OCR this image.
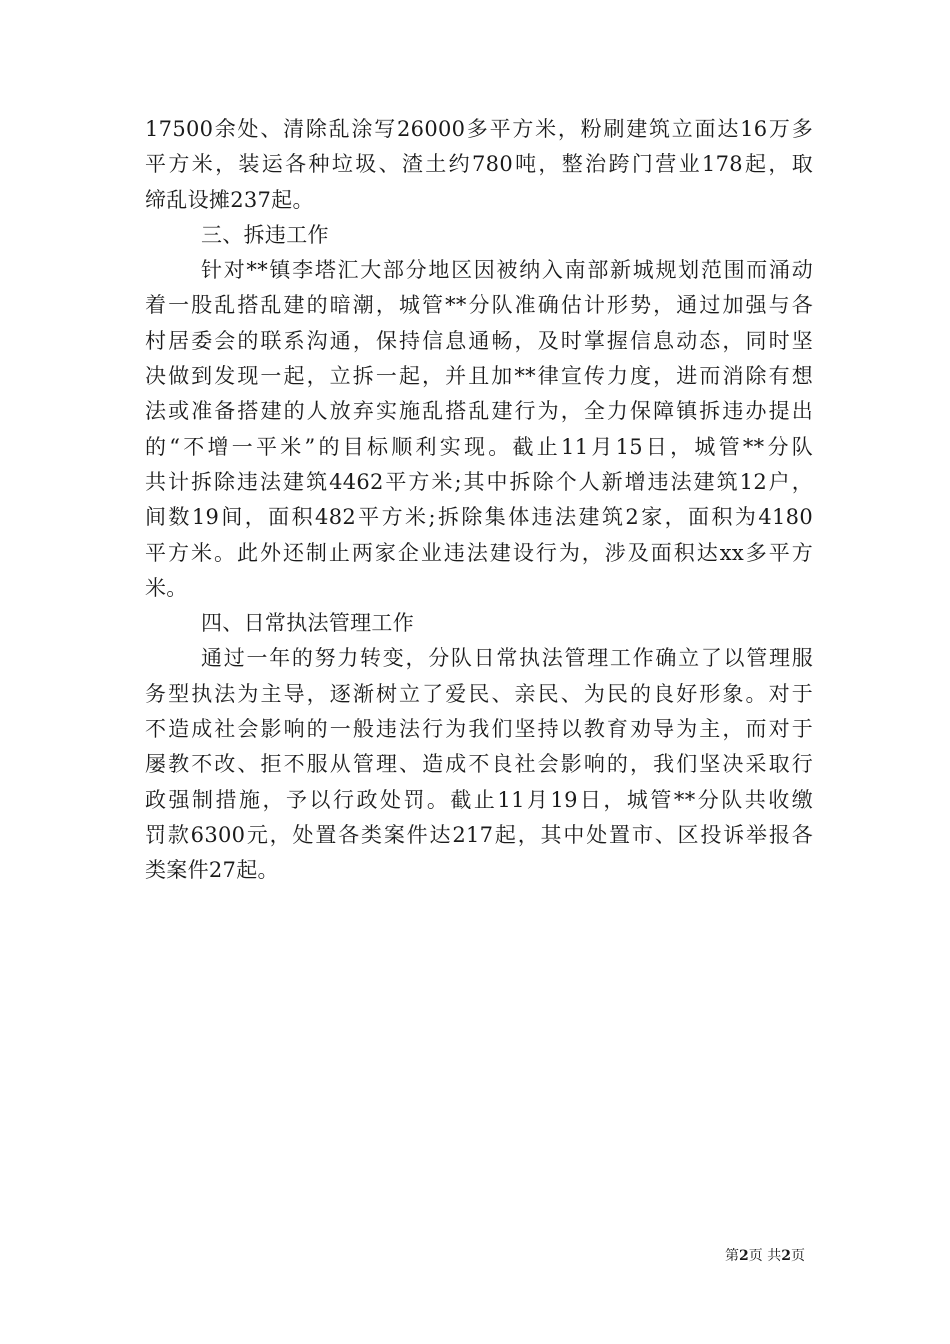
17500余处、清除乱涂写26000多平方米，粉刷建筑立面达16万多
平方米，装运各种垃圾、渣土约780吨，整治跨门营业178起，取
缔乱设摊237起。
三、拆违工作
针对**镇李塔汇大部分地区因被纳入南部新城规划范围而涌动
着一股乱搭乱建的暗潮，城管**分队准确估计形势，通过加强与各
村居委会的联系沟通，保持信息通畅，及时掌握信息动态，同时坚
决做到发现一起，立拆一起，并且加**律宣传力度，进而消除有想
法或准备搭建的人放弃实施乱搭乱建行为，全力保障镇拆违办提出
的“不增一平米”的目标顺利实现。截止11月15日，城管**分队
共计拆除违法建筑4462平方米;其中拆除个人新增违法建筑12户，
间数19间，面积482平方米;拆除集体违法建筑2家，面积为4180
平方米。此外还制止两家企业违法建设行为，涉及面积达xx多平方
米。
四、日常执法管理工作
通过一年的努力转变，分队日常执法管理工作确立了以管理服
务型执法为主导，逐渐树立了爱民、亲民、为民的良好形象。对于
不造成社会影响的一般违法行为我们坚持以教育劝导为主，而对于
屡教不改、拒不服从管理、造成不良社会影响的，我们坚决采取行
政强制措施，予以行政处罚。截止11月19日，城管**分队共收缴
罚款6300元，处置各类案件达217起，其中处置市、区投诉举报各
类案件27起。
第2页 共2页
